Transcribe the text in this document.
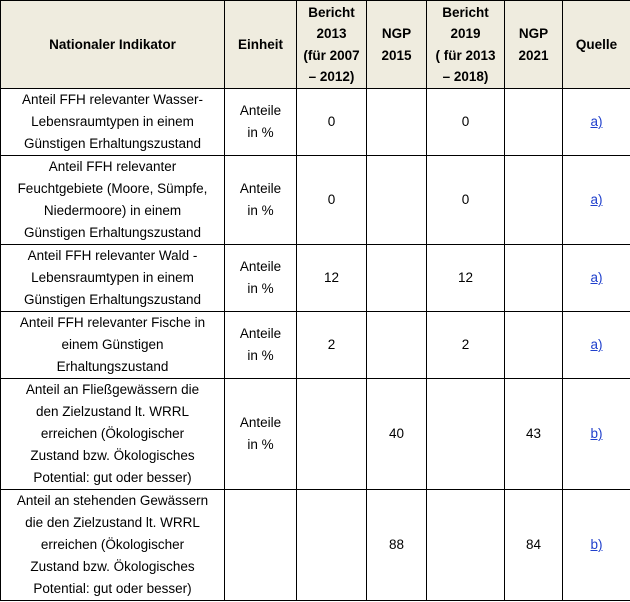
Nationaler Indikator	Einheit	Bericht
2013
(für 2007
– 2012)	NGP
2015	Bericht
2019
( für 2013
– 2018)	NGP
2021	Quelle
Anteil FFH relevanter Wasser-
Lebensraumtypen in einem
Günstigen Erhaltungszustand	Anteile
in %	0		0		a)
Anteil FFH relevanter
Feuchtgebiete (Moore, Sümpfe,
Niedermoore) in einem
Günstigen Erhaltungszustand	Anteile
in %	0		0		a)
Anteil FFH relevanter Wald -
Lebensraumtypen in einem
Günstigen Erhaltungszustand	Anteile
in %	12		12		a)
Anteil FFH relevanter Fische in
einem Günstigen
Erhaltungszustand	Anteile
in %	2		2		a)
Anteil an Fließgewässern die
den Zielzustand lt. WRRL
erreichen (Ökologischer
Zustand bzw. Ökologisches
Potential: gut oder besser)	Anteile
in %		40		43	b)
Anteil an stehenden Gewässern
die den Zielzustand lt. WRRL
erreichen (Ökologischer
Zustand bzw. Ökologisches
Potential: gut oder besser)			88		84	b)
